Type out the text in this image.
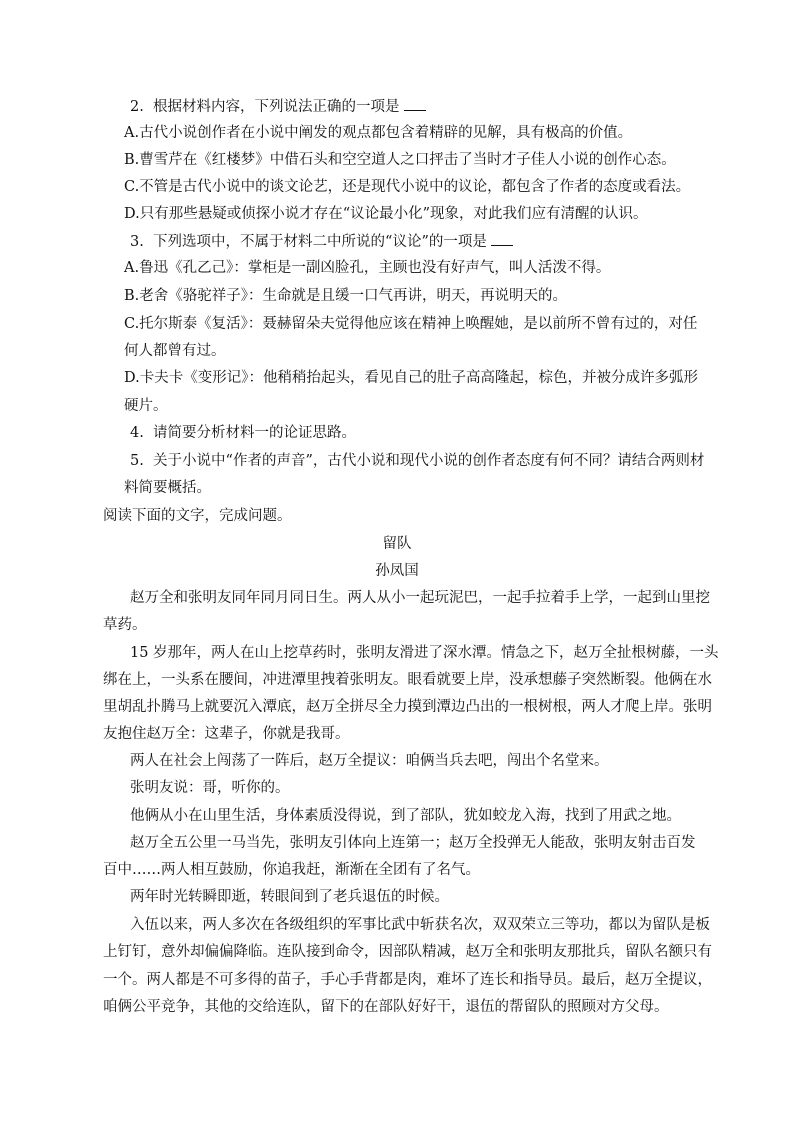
2.  根据材料内容，下列说法正确的一项是
A.古代小说创作者在小说中阐发的观点都包含着精辟的见解，具有极高的价值。
B.曹雪芹在《红楼梦》中借石头和空空道人之口抨击了当时才子佳人小说的创作心态。
C.不管是古代小说中的谈文论艺，还是现代小说中的议论，都包含了作者的态度或看法。
D.只有那些悬疑或侦探小说才存在“议论最小化”现象，对此我们应有清醒的认识。
3.  下列选项中，不属于材料二中所说的“议论”的一项是
A.鲁迅《孔乙己》：掌柜是一副凶脸孔，主顾也没有好声气，叫人活泼不得。
B.老舍《骆驼祥子》：生命就是且缓一口气再讲，明天，再说明天的。
C.托尔斯泰《复活》：聂赫留朵夫觉得他应该在精神上唤醒她，是以前所不曾有过的，对任
何人都曾有过。
D.卡夫卡《变形记》：他稍稍抬起头，看见自己的肚子高高隆起，棕色，并被分成许多弧形
硬片。
4.  请简要分析材料一的论证思路。
5.  关于小说中“作者的声音”，古代小说和现代小说的创作者态度有何不同？请结合两则材
料简要概括。
阅读下面的文字，完成问题。
留队
孙凤国
赵万全和张明友同年同月同日生。两人从小一起玩泥巴，一起手拉着手上学，一起到山里挖
草药。
15 岁那年，两人在山上挖草药时，张明友滑进了深水潭。情急之下，赵万全扯根树藤，一头
绑在上，一头系在腰间，冲进潭里拽着张明友。眼看就要上岸，没承想藤子突然断裂。他俩在水
里胡乱扑腾马上就要沉入潭底，赵万全拼尽全力摸到潭边凸出的一根树根，两人才爬上岸。张明
友抱住赵万全：这辈子，你就是我哥。
两人在社会上闯荡了一阵后，赵万全提议：咱俩当兵去吧，闯出个名堂来。
张明友说：哥，听你的。
他俩从小在山里生活，身体素质没得说，到了部队，犹如蛟龙入海，找到了用武之地。
赵万全五公里一马当先，张明友引体向上连第一；赵万全投弹无人能敌，张明友射击百发
百中……两人相互鼓励，你追我赶，渐渐在全团有了名气。
两年时光转瞬即逝，转眼间到了老兵退伍的时候。
入伍以来，两人多次在各级组织的军事比武中斩获名次，双双荣立三等功，都以为留队是板
上钉钉，意外却偏偏降临。连队接到命令，因部队精减，赵万全和张明友那批兵，留队名额只有
一个。两人都是不可多得的苗子，手心手背都是肉，难坏了连长和指导员。最后，赵万全提议，
咱俩公平竞争，其他的交给连队，留下的在部队好好干，退伍的帮留队的照顾对方父母。
